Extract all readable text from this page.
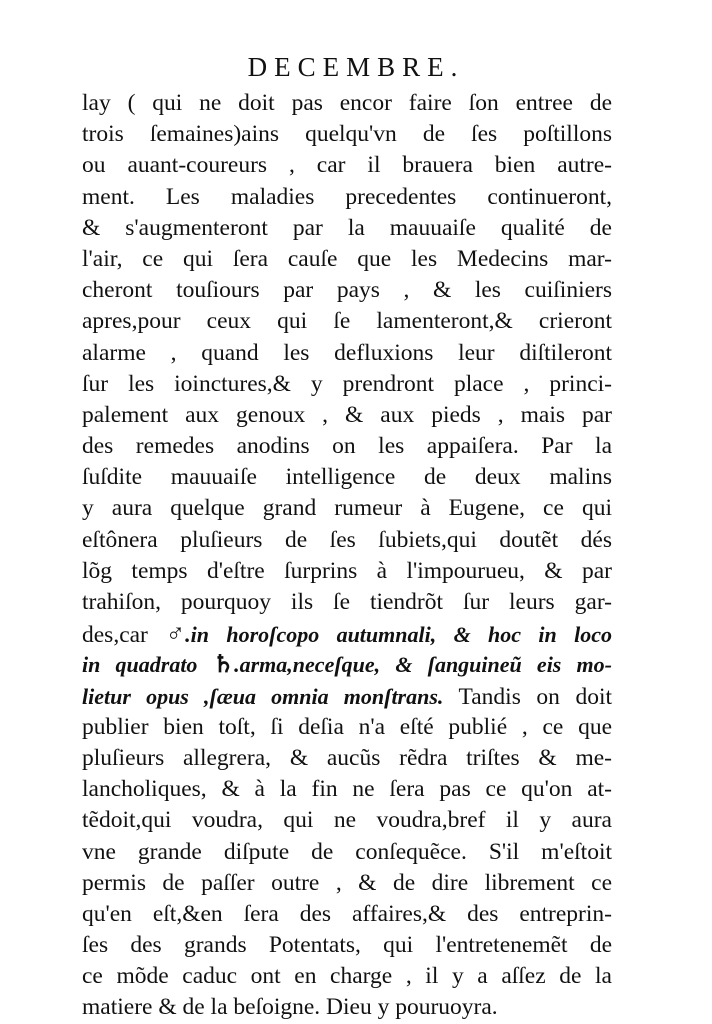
DECEMBRE.
lay ( qui ne doit pas encor faire ſon entree de
trois ſemaines)ains quelqu'vn de ſes poſtillons
ou auant-coureurs , car il brauera bien autre-
ment. Les maladies precedentes continueront,
& s'augmenteront par la mauuaiſe qualité de
l'air, ce qui ſera cauſe que les Medecins mar-
cheront touſiours par pays , & les cuiſiniers
apres,pour ceux qui ſe lamenteront,& crieront
alarme , quand les defluxions leur diſtileront
ſur les ioinctures,& y prendront place , princi-
palement aux genoux , & aux pieds , mais par
des remedes anodins on les appaiſera. Par la
ſuſdite mauuaiſe intelligence de deux malins
y aura quelque grand rumeur à Eugene, ce qui
eſtônera pluſieurs de ſes ſubiets,qui doutẽt dés
lõg temps d'eſtre ſurprins à l'impourueu, & par
trahiſon, pourquoy ils ſe tiendrõt ſur leurs gar-
des,car ♂.in horoſcopo autumnali, & hoc in loco
in quadrato ♄.arma,neceſque, & ſanguineũ eis mo-
lietur opus ,ſæua omnia monſtrans. Tandis on doit
publier bien toſt, ſi deſia n'a eſté publié , ce que
pluſieurs allegrera, & aucũs rẽdra triſtes & me-
lancholiques, & à la fin ne ſera pas ce qu'on at-
tẽdoit,qui voudra, qui ne voudra,bref il y aura
vne grande diſpute de conſequẽce. S'il m'eſtoit
permis de paſſer outre , & de dire librement ce
qu'en eſt,&en ſera des affaires,& des entreprin-
ſes des grands Potentats, qui l'entretenemẽt de
ce mõde caduc ont en charge , il y a aſſez de la
matiere & de la beſoigne. Dieu y pouruoyra.
